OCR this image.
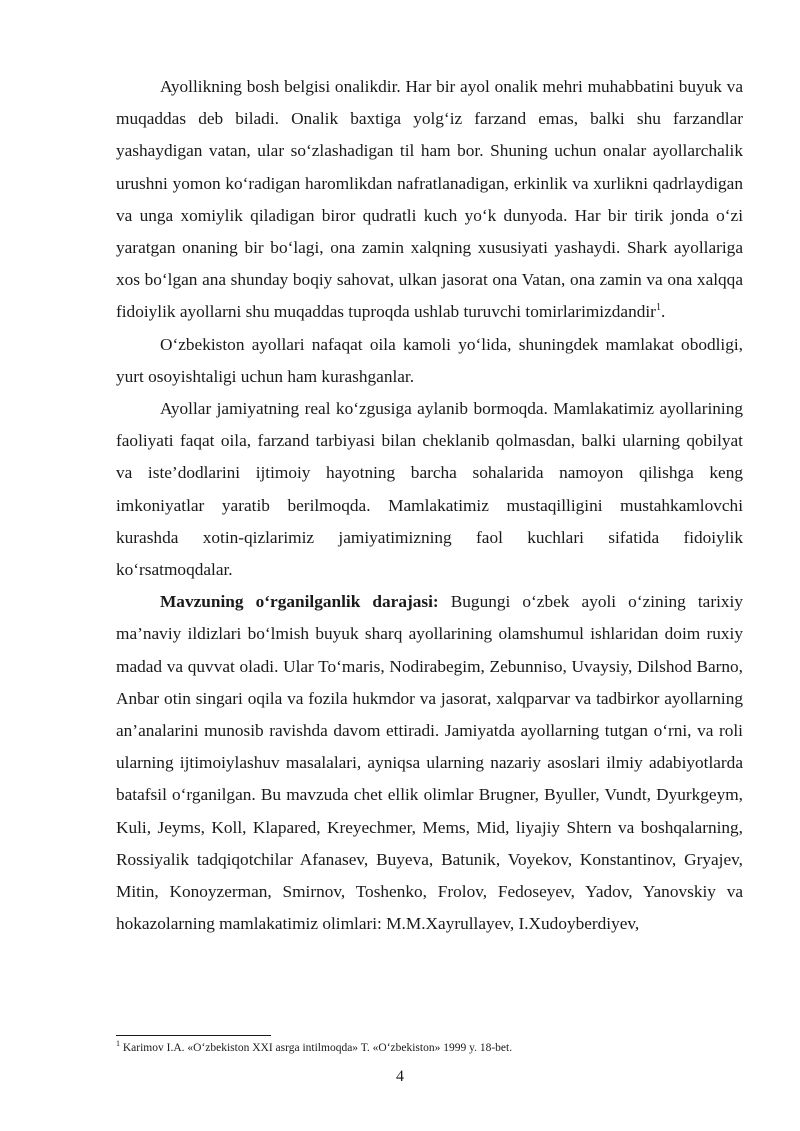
Ayollikning bosh belgisi onalikdir. Har bir ayol onalik mehri muhabbatini buyuk va muqaddas deb biladi. Onalik baxtiga yolg‘iz farzand emas, balki shu farzandlar yashaydigan vatan, ular so‘zlashadigan til ham bor. Shuning uchun onalar ayollarchalik urushni yomon ko‘radigan haromlikdan nafratlanadigan, erkinlik va xurlikni qadrlaydigan va unga xomiylik qiladigan biror qudratli kuch yo‘k dunyoda. Har bir tirik jonda o‘zi yaratgan onaning bir bo‘lagi, ona zamin xalqning xususiyati yashaydi. Shark ayollariga xos bo‘lgan ana shunday boqiy sahovat, ulkan jasorat ona Vatan, ona zamin va ona xalqqa fidoiylik ayollarni shu muqaddas tuproqda ushlab turuvchi tomirlarimizdandir$^1$.

O‘zbekiston ayollari nafaqat oila kamoli yo‘lida, shuningdek mamlakat obodligi, yurt osoyishtaligi uchun ham kurashganlar.

Ayollar jamiyatning real ko‘zgusiga aylanib bormoqda. Mamlakatimiz ayollarining faoliyati faqat oila, farzand tarbiyasi bilan cheklanib qolmasdan, balki ularning qobilyat va iste’dodlarini ijtimoiy hayotning barcha sohalarida namoyon qilishga keng imkoniyatlar yaratib berilmoqda. Mamlakatimiz mustaqilligini mustahkamlovchi kurashda xotin-qizlarimiz jamiyatimizning faol kuchlari sifatida fidoiylik ko‘rsatmoqdalar.

Mavzuning o‘rganilganlik darajasi: Bugungi o‘zbek ayoli o‘zining tarixiy ma’naviy ildizlari bo‘lmish buyuk sharq ayollarining olamshumul ishlaridan doim ruxiy madad va quvvat oladi. Ular To‘maris, Nodirabegim, Zebunniso, Uvaysiy, Dilshod Barno, Anbar otin singari oqila va fozila hukmdor va jasorat, xalqparvar va tadbirkor ayollarning an’analarini munosib ravishda davom ettiradi. Jamiyatda ayollarning tutgan o‘rni, va roli ularning ijtimoiylashuv masalalari, ayniqsa ularning nazariy asoslari ilmiy adabiyotlarda batafsil o‘rganilgan. Bu mavzuda chet ellik olimlar Brugner, Byuller, Vundt, Dyurkgeym, Kuli, Jeyms, Koll, Klapared, Kreyechmer, Mems, Mid, liyajiy Shtern va boshqalarning, Rossiyalik tadqiqotchilar Afanasev, Buyeva, Batunik, Voyekov, Konstantinov, Gryajev, Mitin, Konoyzerman, Smirnov, Toshenko, Frolov, Fedoseyev, Yadov, Yanovskiy va hokazolarning mamlakatimiz olimlari: M.M.Xayrullayev, I.Xudoyberdiyev,

$^1$ Karimov I.A. «O‘zbekiston XXI asrga intilmoqda» T. «O‘zbekiston» 1999 y. 18-bet.
4
